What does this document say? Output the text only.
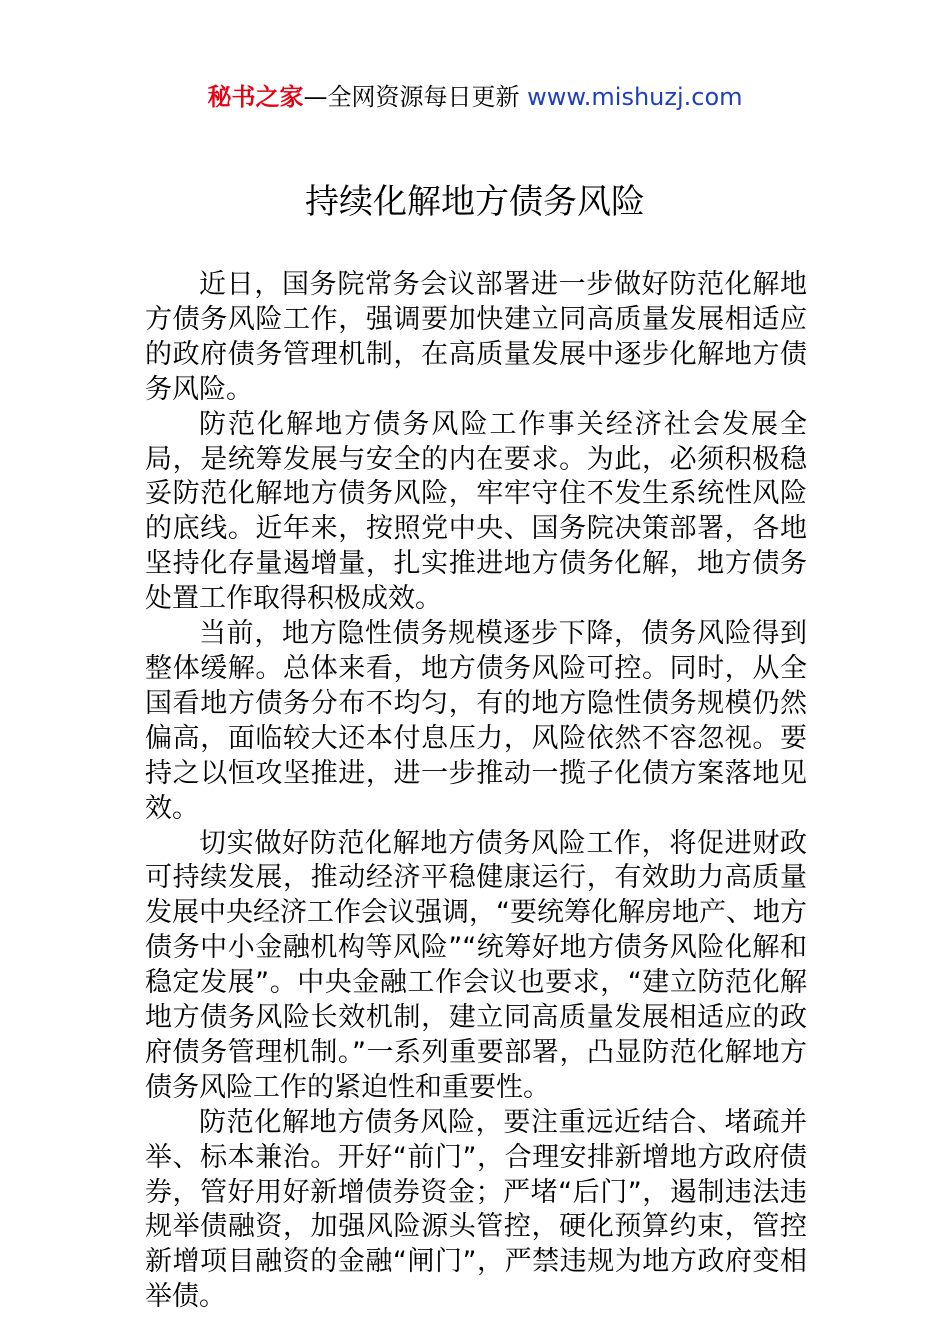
秘书之家—全网资源每日更新 www.mishuzj.com
持续化解地方债务风险

近日，国务院常务会议部署进一步做好防范化解地方债务风险工作，强调要加快建立同高质量发展相适应的政府债务管理机制，在高质量发展中逐步化解地方债务风险。

防范化解地方债务风险工作事关经济社会发展全局，是统筹发展与安全的内在要求。为此，必须积极稳妥防范化解地方债务风险，牢牢守住不发生系统性风险的底线。近年来，按照党中央、国务院决策部署，各地坚持化存量遏增量，扎实推进地方债务化解，地方债务处置工作取得积极成效。

当前，地方隐性债务规模逐步下降，债务风险得到整体缓解。总体来看，地方债务风险可控。同时，从全国看地方债务分布不均匀，有的地方隐性债务规模仍然偏高，面临较大还本付息压力，风险依然不容忽视。要持之以恒攻坚推进，进一步推动一揽子化债方案落地见效。

切实做好防范化解地方债务风险工作，将促进财政可持续发展，推动经济平稳健康运行，有效助力高质量发展中央经济工作会议强调，“要统筹化解房地产、地方债务中小金融机构等风险”“统筹好地方债务风险化解和稳定发展”。中央金融工作会议也要求，“建立防范化解地方债务风险长效机制，建立同高质量发展相适应的政府债务管理机制。”一系列重要部署，凸显防范化解地方债务风险工作的紧迫性和重要性。

防范化解地方债务风险，要注重远近结合、堵疏并举、标本兼治。开好“前门”，合理安排新增地方政府债券，管好用好新增债券资金；严堵“后门”，遏制违法违规举债融资，加强风险源头管控，硬化预算约束，管控新增项目融资的金融“闸门”，严禁违规为地方政府变相举债。
